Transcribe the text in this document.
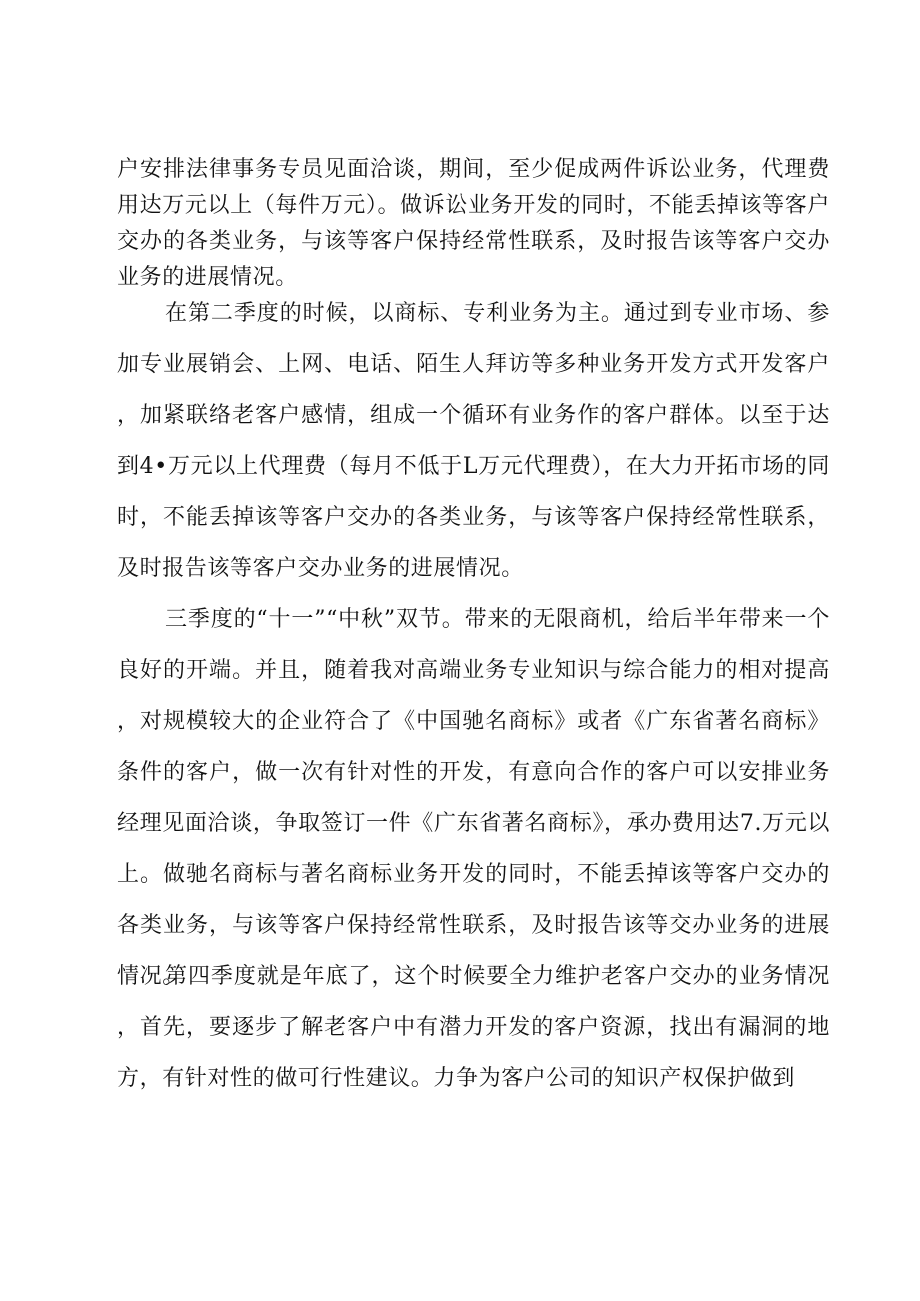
户安排法律事务专员见面洽谈，期间，至少促成两件诉讼业务，代理费用达万元以上（每件万元）。做诉讼业务开发的同时，不能丢掉该等客户交办的各类业务，与该等客户保持经常性联系，及时报告该等客户交办业务的进展情况。

在第二季度的时候，以商标、专利业务为主。通过到专业市场、参加专业展销会、上网、电话、陌生人拜访等多种业务开发方式开发客户，加紧联络老客户感情，组成一个循环有业务作的客户群体。以至于达到4•万元以上代理费（每月不低于L万元代理费），在大力开拓市场的同时，不能丢掉该等客户交办的各类业务，与该等客户保持经常性联系，及时报告该等客户交办业务的进展情况。

三季度的“十一”“中秋”双节。带来的无限商机，给后半年带来一个良好的开端。并且，随着我对高端业务专业知识与综合能力的相对提高，对规模较大的企业符合了《中国驰名商标》或者《广东省著名商标》条件的客户，做一次有针对性的开发，有意向合作的客户可以安排业务经理见面洽谈，争取签订一件《广东省著名商标》，承办费用达7.万元以上。做驰名商标与著名商标业务开发的同时，不能丢掉该等客户交办的各类业务，与该等客户保持经常性联系，及时报告该等交办业务的进展情况。

第四季度就是年底了，这个时候要全力维护老客户交办的业务情况，首先，要逐步了解老客户中有潜力开发的客户资源，找出有漏洞的地方，有针对性的做可行性建议。力争为客户公司的知识产权保护做到
